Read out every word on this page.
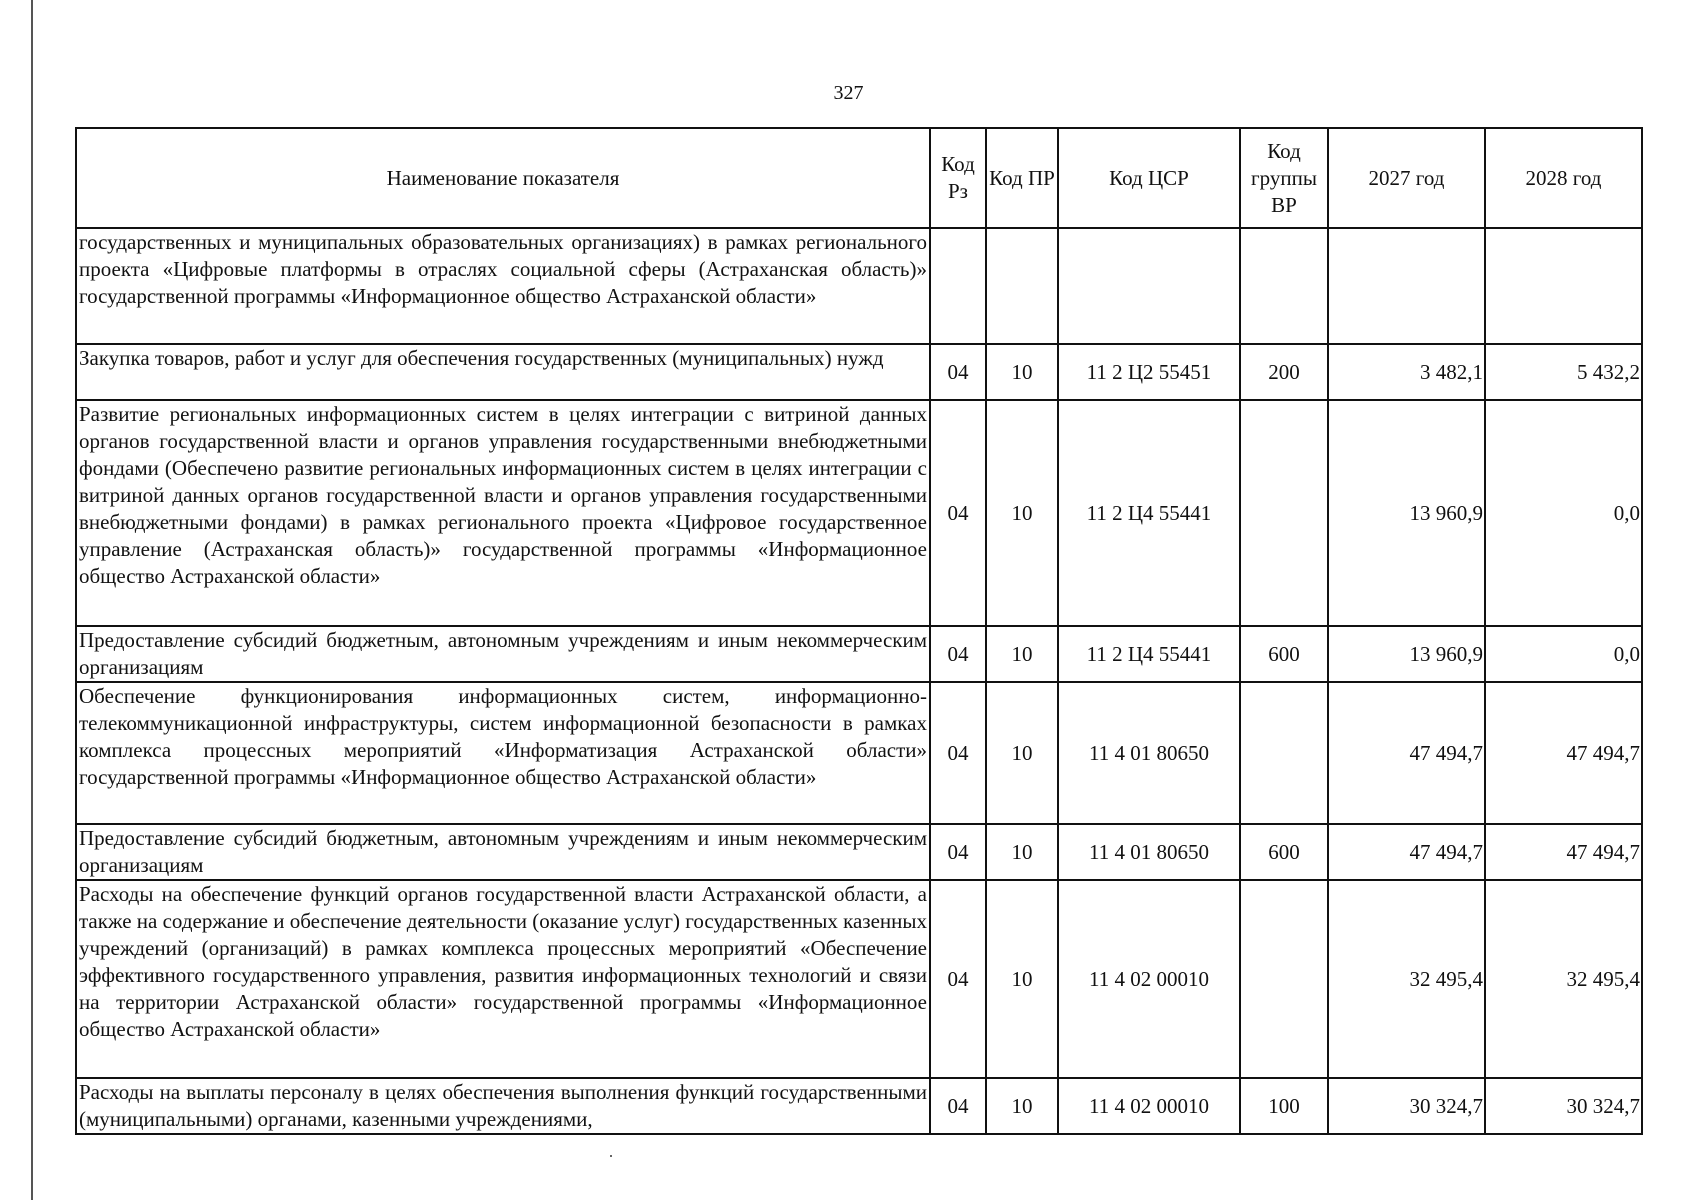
327
Наименование показателя	Код Рз	Код ПР	Код ЦСР	Код группы ВР	2027 год	2028 год
государственных и муниципальных образовательных организациях) в рамках регионального проекта «Цифровые платформы в отраслях социальной сферы (Астраханская область)» государственной программы «Информационное общество Астраханской области»						
Закупка товаров, работ и услуг для обеспечения государственных (муниципальных) нужд	04	10	11 2 Ц2 55451	200	3 482,1	5 432,2
Развитие региональных информационных систем в целях интеграции с витриной данных органов государственной власти и органов управления государственными внебюджетными фондами (Обеспечено развитие региональных информационных систем в целях интеграции с витриной данных органов государственной власти и органов управления государственными внебюджетными фондами) в рамках регионального проекта «Цифровое государственное управление (Астраханская область)» государственной программы «Информационное общество Астраханской области»	04	10	11 2 Ц4 55441		13 960,9	0,0
Предоставление субсидий бюджетным, автономным учреждениям и иным некоммерческим организациям	04	10	11 2 Ц4 55441	600	13 960,9	0,0
Обеспечение функционирования информационных систем, информационно-телекоммуникационной инфраструктуры, систем информационной безопасности в рамках комплекса процессных мероприятий «Информатизация Астраханской области» государственной программы «Информационное общество Астраханской области»	04	10	11 4 01 80650		47 494,7	47 494,7
Предоставление субсидий бюджетным, автономным учреждениям и иным некоммерческим организациям	04	10	11 4 01 80650	600	47 494,7	47 494,7
Расходы на обеспечение функций органов государственной власти Астраханской области, а также на содержание и обеспечение деятельности (оказание услуг) государственных казенных учреждений (организаций) в рамках комплекса процессных мероприятий «Обеспечение эффективного государственного управления, развития информационных технологий и связи на территории Астраханской области» государственной программы «Информационное общество Астраханской области»	04	10	11 4 02 00010		32 495,4	32 495,4
Расходы на выплаты персоналу в целях обеспечения выполнения функций государственными (муниципальными) органами, казенными учреждениями,	04	10	11 4 02 00010	100	30 324,7	30 324,7
